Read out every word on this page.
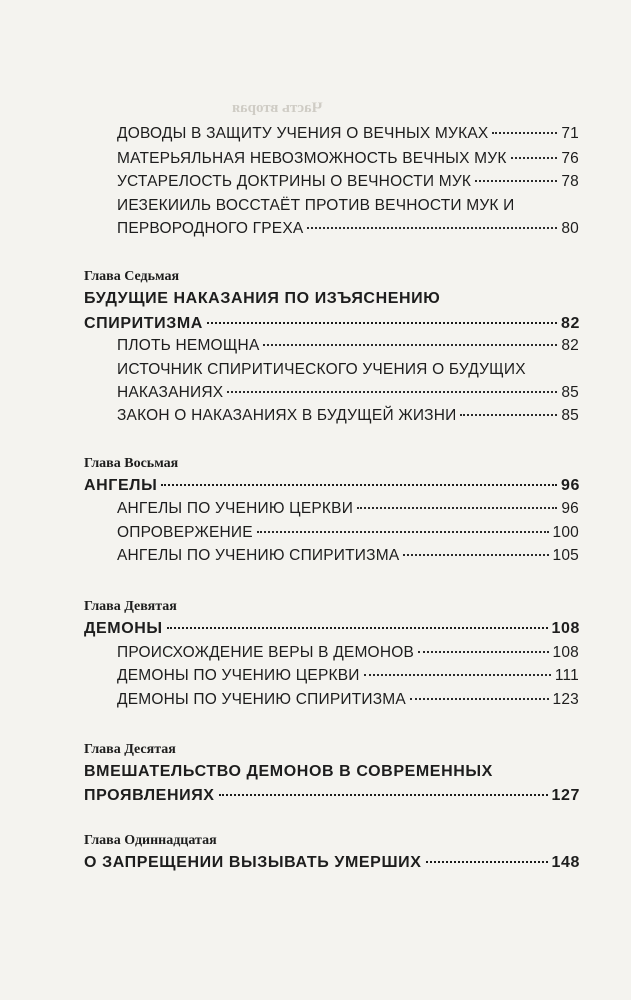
Часть вторая
ДОВОДЫ В ЗАЩИТУ УЧЕНИЯ О ВЕЧНЫХ МУКАХ	71
МАТЕРЬЯЛЬНАЯ НЕВОЗМОЖНОСТЬ ВЕЧНЫХ МУК	76
УСТАРЕЛОСТЬ ДОКТРИНЫ О ВЕЧНОСТИ МУК	78
ИЕЗЕКИИЛЬ ВОССТАЁТ ПРОТИВ ВЕЧНОСТИ МУК И
ПЕРВОРОДНОГО ГРЕХА	80
Глава Седьмая
БУДУЩИЕ НАКАЗАНИЯ ПО ИЗЪЯСНЕНИЮ
СПИРИТИЗМА	82
ПЛОТЬ НЕМОЩНА	82
ИСТОЧНИК СПИРИТИЧЕСКОГО УЧЕНИЯ О БУДУЩИХ
НАКАЗАНИЯХ	85
ЗАКОН О НАКАЗАНИЯХ В БУДУЩЕЙ ЖИЗНИ	85
Глава Восьмая
АНГЕЛЫ	96
АНГЕЛЫ ПО УЧЕНИЮ ЦЕРКВИ	96
ОПРОВЕРЖЕНИЕ	100
АНГЕЛЫ ПО УЧЕНИЮ СПИРИТИЗМА	105
Глава Девятая
ДЕМОНЫ	108
ПРОИСХОЖДЕНИЕ ВЕРЫ В ДЕМОНОВ	108
ДЕМОНЫ ПО УЧЕНИЮ ЦЕРКВИ	111
ДЕМОНЫ ПО УЧЕНИЮ СПИРИТИЗМА	123
Глава Десятая
ВМЕШАТЕЛЬСТВО ДЕМОНОВ В СОВРЕМЕННЫХ
ПРОЯВЛЕНИЯХ	127
Глава Одиннадцатая
О ЗАПРЕЩЕНИИ ВЫЗЫВАТЬ УМЕРШИХ	148
